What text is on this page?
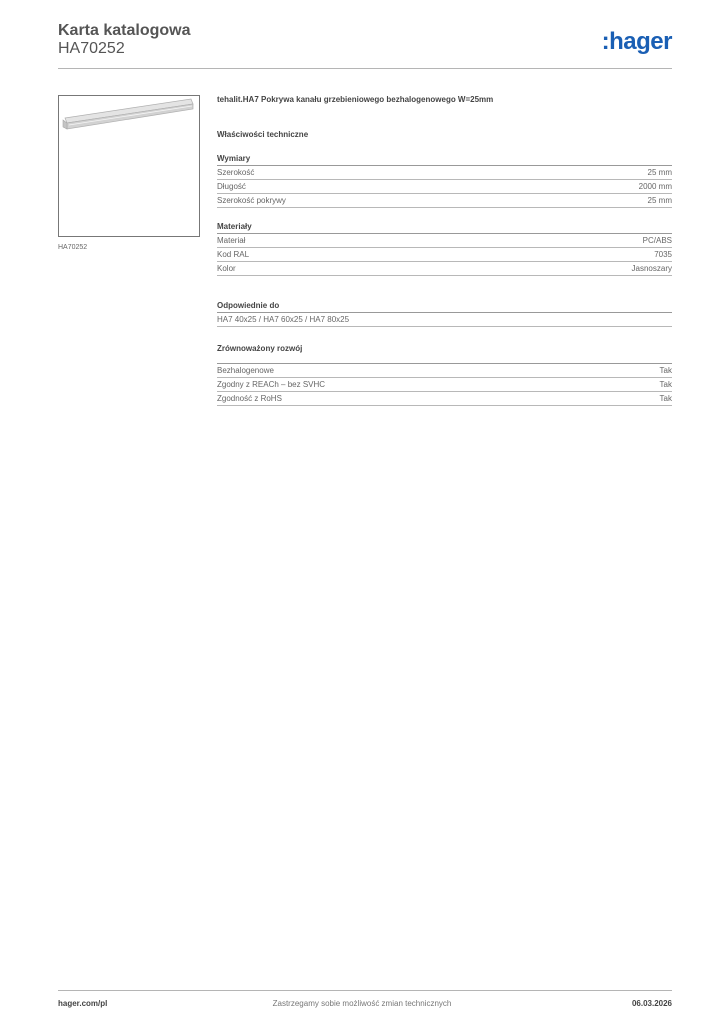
Karta katalogowa
HA70252	:hager
HA70252
tehalit.HA7 Pokrywa kanału grzebieniowego bezhalogenowego W=25mm
Właściwości techniczne
Wymiary
Szerokość	25 mm
Długość	2000 mm
Szerokość pokrywy	25 mm
Materiały
Materiał	PC/ABS
Kod RAL	7035
Kolor	Jasnoszary
Odpowiednie do
HA7 40x25 / HA7 60x25 / HA7 80x25
Zrównoważony rozwój
Bezhalogenowe	Tak
Zgodny z REACh – bez SVHC	Tak
Zgodność z RoHS	Tak
hager.com/pl	Zastrzegamy sobie możliwość zmian technicznych	06.03.2026
